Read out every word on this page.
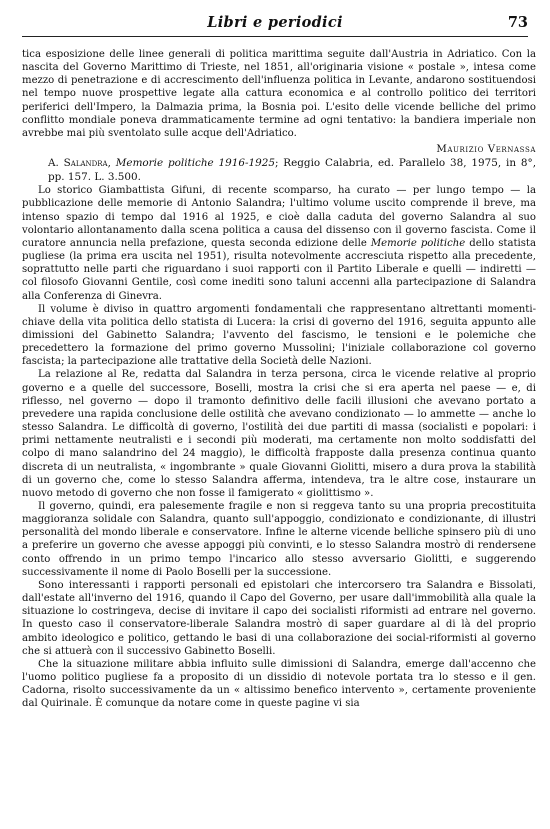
Libri e periodici	73

tica esposizione delle linee generali di politica marittima seguite dall'Austria in Adriatico. Con la nascita del Governo Marittimo di Trieste, nel 1851, all'originaria visione « postale », intesa come mezzo di penetrazione e di accrescimento dell'influenza politica in Levante, andarono sostituendosi nel tempo nuove prospettive legate alla cattura economica e al controllo politico dei territori periferici dell'Impero, la Dalmazia prima, la Bosnia poi. L'esito delle vicende belliche del primo conflitto mondiale poneva drammaticamente termine ad ogni tentativo: la bandiera imperiale non avrebbe mai più sventolato sulle acque dell'Adriatico.

Maurizio Vernassa

A. Salandra, Memorie politiche 1916-1925; Reggio Calabria, ed. Parallelo 38, 1975, in 8°, pp. 157. L. 3.500.

Lo storico Giambattista Gifuni, di recente scomparso, ha curato — per lungo tempo — la pubblicazione delle memorie di Antonio Salandra; l'ultimo volume uscito comprende il breve, ma intenso spazio di tempo dal 1916 al 1925, e cioè dalla caduta del governo Salandra al suo volontario allontanamento dalla scena politica a causa del dissenso con il governo fascista. Come il curatore annuncia nella prefazione, questa seconda edizione delle Memorie politiche dello statista pugliese (la prima era uscita nel 1951), risulta notevolmente accresciuta rispetto alla precedente, soprattutto nelle parti che riguardano i suoi rapporti con il Partito Liberale e quelli — indiretti — col filosofo Giovanni Gentile, così come inediti sono taluni accenni alla partecipazione di Salandra alla Conferenza di Ginevra.

Il volume è diviso in quattro argomenti fondamentali che rappresentano altrettanti momenti-chiave della vita politica dello statista di Lucera: la crisi di governo del 1916, seguita appunto alle dimissioni del Gabinetto Salandra; l'avvento del fascismo, le tensioni e le polemiche che precedettero la formazione del primo governo Mussolini; l'iniziale collaborazione col governo fascista; la partecipazione alle trattative della Società delle Nazioni.

La relazione al Re, redatta dal Salandra in terza persona, circa le vicende relative al proprio governo e a quelle del successore, Boselli, mostra la crisi che si era aperta nel paese — e, di riflesso, nel governo — dopo il tramonto definitivo delle facili illusioni che avevano portato a prevedere una rapida conclusione delle ostilità che avevano condizionato — lo ammette — anche lo stesso Salandra. Le difficoltà di governo, l'ostilità dei due partiti di massa (socialisti e popolari: i primi nettamente neutralisti e i secondi più moderati, ma certamente non molto soddisfatti del colpo di mano salandrino del 24 maggio), le difficoltà frapposte dalla presenza continua quanto discreta di un neutralista, « ingombrante » quale Giovanni Giolitti, misero a dura prova la stabilità di un governo che, come lo stesso Salandra afferma, intendeva, tra le altre cose, instaurare un nuovo metodo di governo che non fosse il famigerato « giolittismo ».

Il governo, quindi, era palesemente fragile e non si reggeva tanto su una propria precostituita maggioranza solidale con Salandra, quanto sull'appoggio, condizionato e condizionante, di illustri personalità del mondo liberale e conservatore. Infine le alterne vicende belliche spinsero più di uno a preferire un governo che avesse appoggi più convinti, e lo stesso Salandra mostrò di rendersene conto offrendo in un primo tempo l'incarico allo stesso avversario Giolitti, e suggerendo successivamente il nome di Paolo Boselli per la successione.

Sono interessanti i rapporti personali ed epistolari che intercorsero tra Salandra e Bissolati, dall'estate all'inverno del 1916, quando il Capo del Governo, per usare dall'immobilità alla quale la situazione lo costringeva, decise di invitare il capo dei socialisti riformisti ad entrare nel governo. In questo caso il conservatore-liberale Salandra mostrò di saper guardare al di là del proprio ambito ideologico e politico, gettando le basi di una collaborazione dei social-riformisti al governo che si attuerà con il successivo Gabinetto Boselli.

Che la situazione militare abbia influito sulle dimissioni di Salandra, emerge dall'accenno che l'uomo politico pugliese fa a proposito di un dissidio di notevole portata tra lo stesso e il gen. Cadorna, risolto successivamente da un « altissimo benefico intervento », certamente proveniente dal Quirinale. È comunque da notare come in queste pagine vi sia
